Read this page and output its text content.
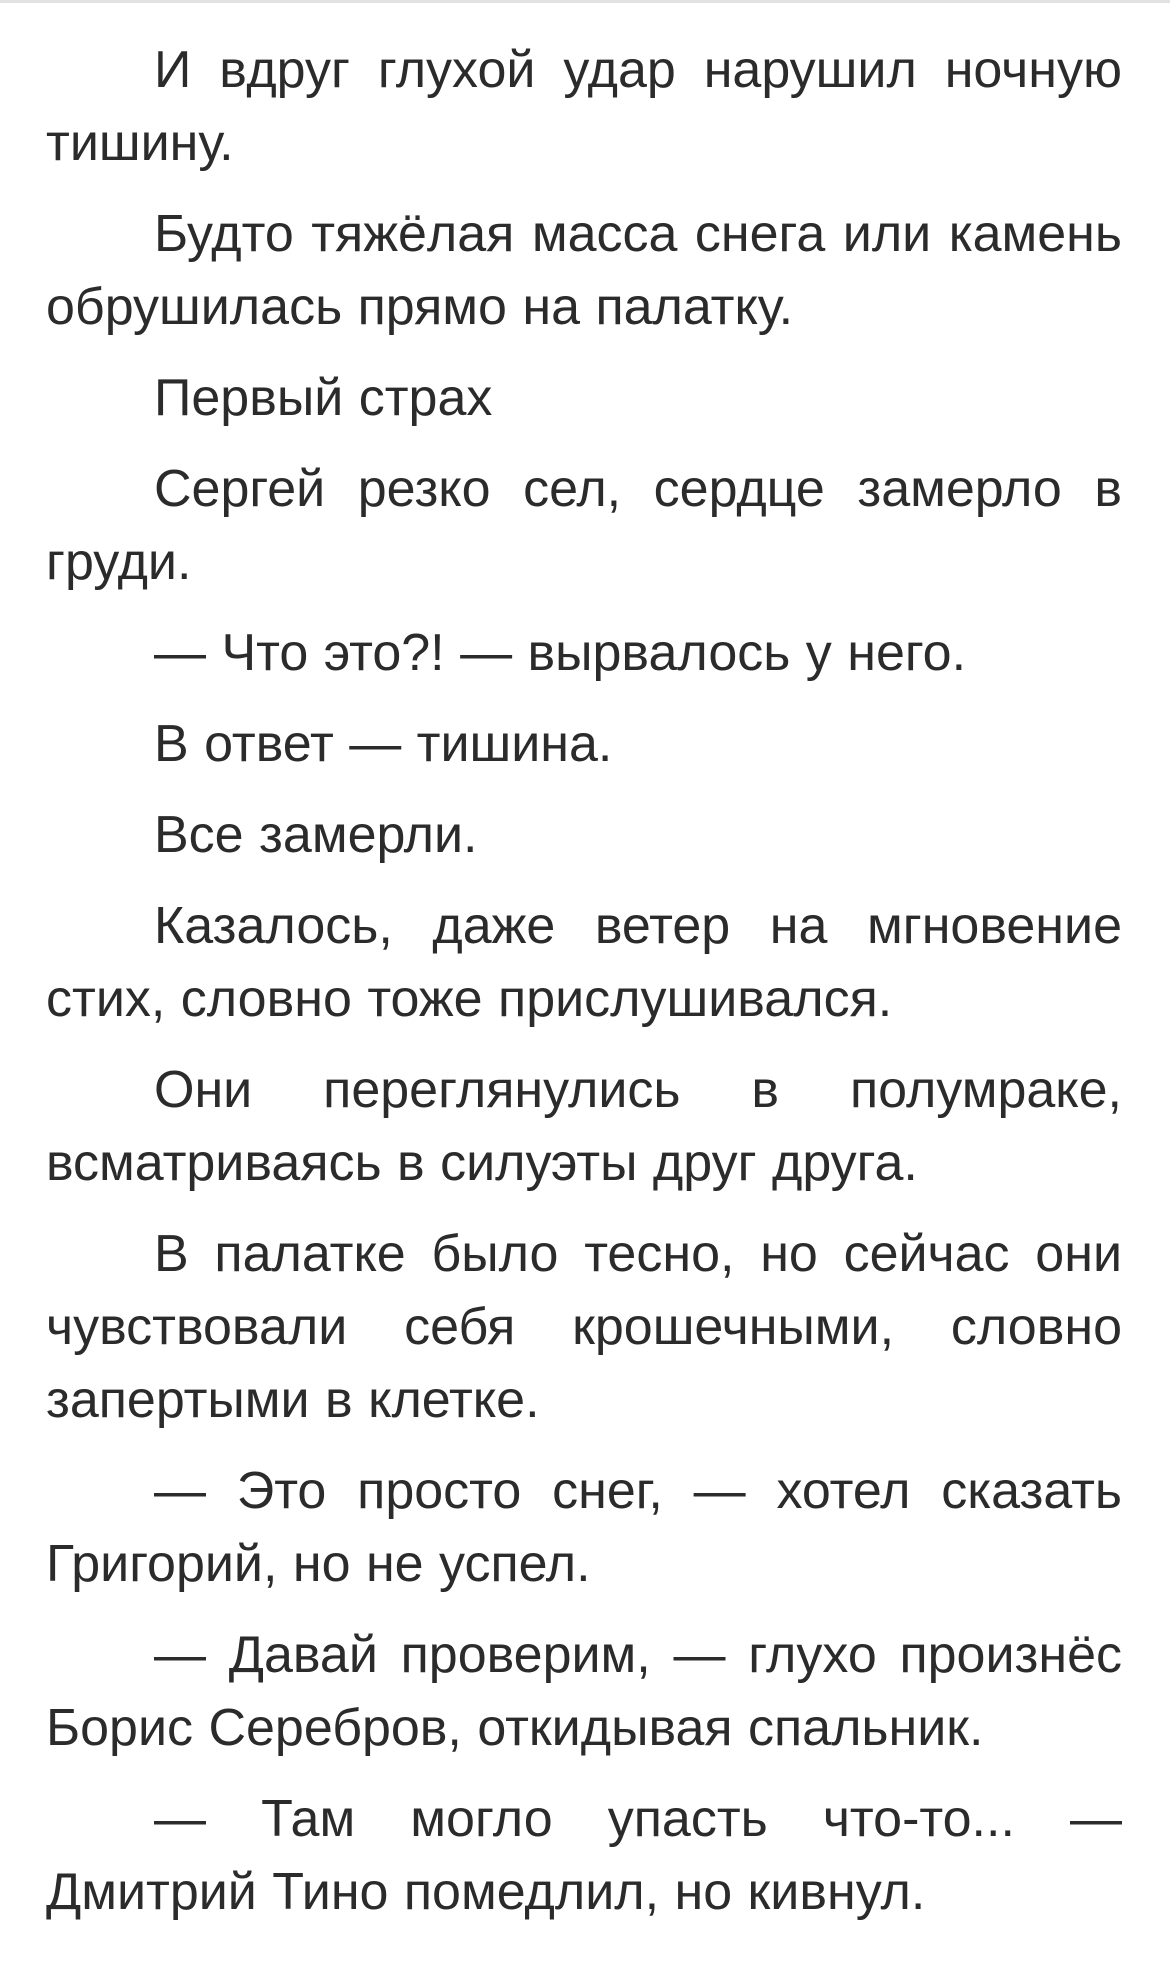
И вдруг глухой удар нарушил ночную тишину.

Будто тяжёлая масса снега или камень обрушилась прямо на палатку.

Первый страх

Сергей резко сел, сердце замерло в груди.

— Что это?! — вырвалось у него.

В ответ — тишина.

Все замерли.

Казалось, даже ветер на мгновение стих, словно тоже прислушивался.

Они переглянулись в полумраке, всматриваясь в силуэты друг друга.

В палатке было тесно, но сейчас они чувствовали себя крошечными, словно запертыми в клетке.

— Это просто снег, — хотел сказать Григорий, но не успел.

— Давай проверим, — глухо произнёс Борис Серебров, откидывая спальник.

— Там могло упасть что-то... — Дмитрий Тино помедлил, но кивнул.
